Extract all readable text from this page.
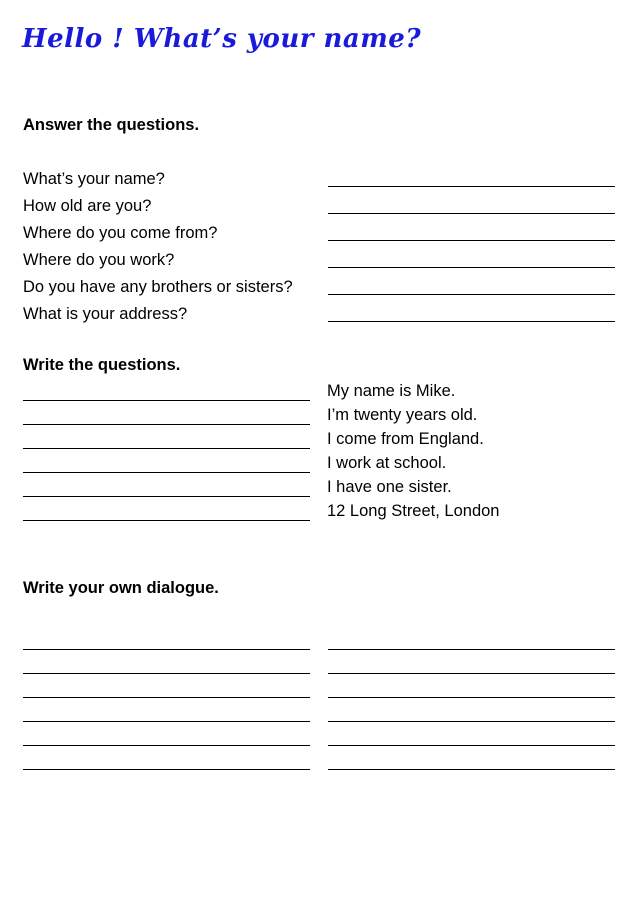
Hello ! What’s your name?
Answer the questions.
What’s your name?
How old are you?
Where do you come from?
Where do you work?
Do you have any brothers or sisters?
What is your address?
Write the questions.
My name is Mike.
I’m twenty years old.
I come from England.
I work at school.
I have one sister.
12 Long Street, London
Write your own dialogue.
